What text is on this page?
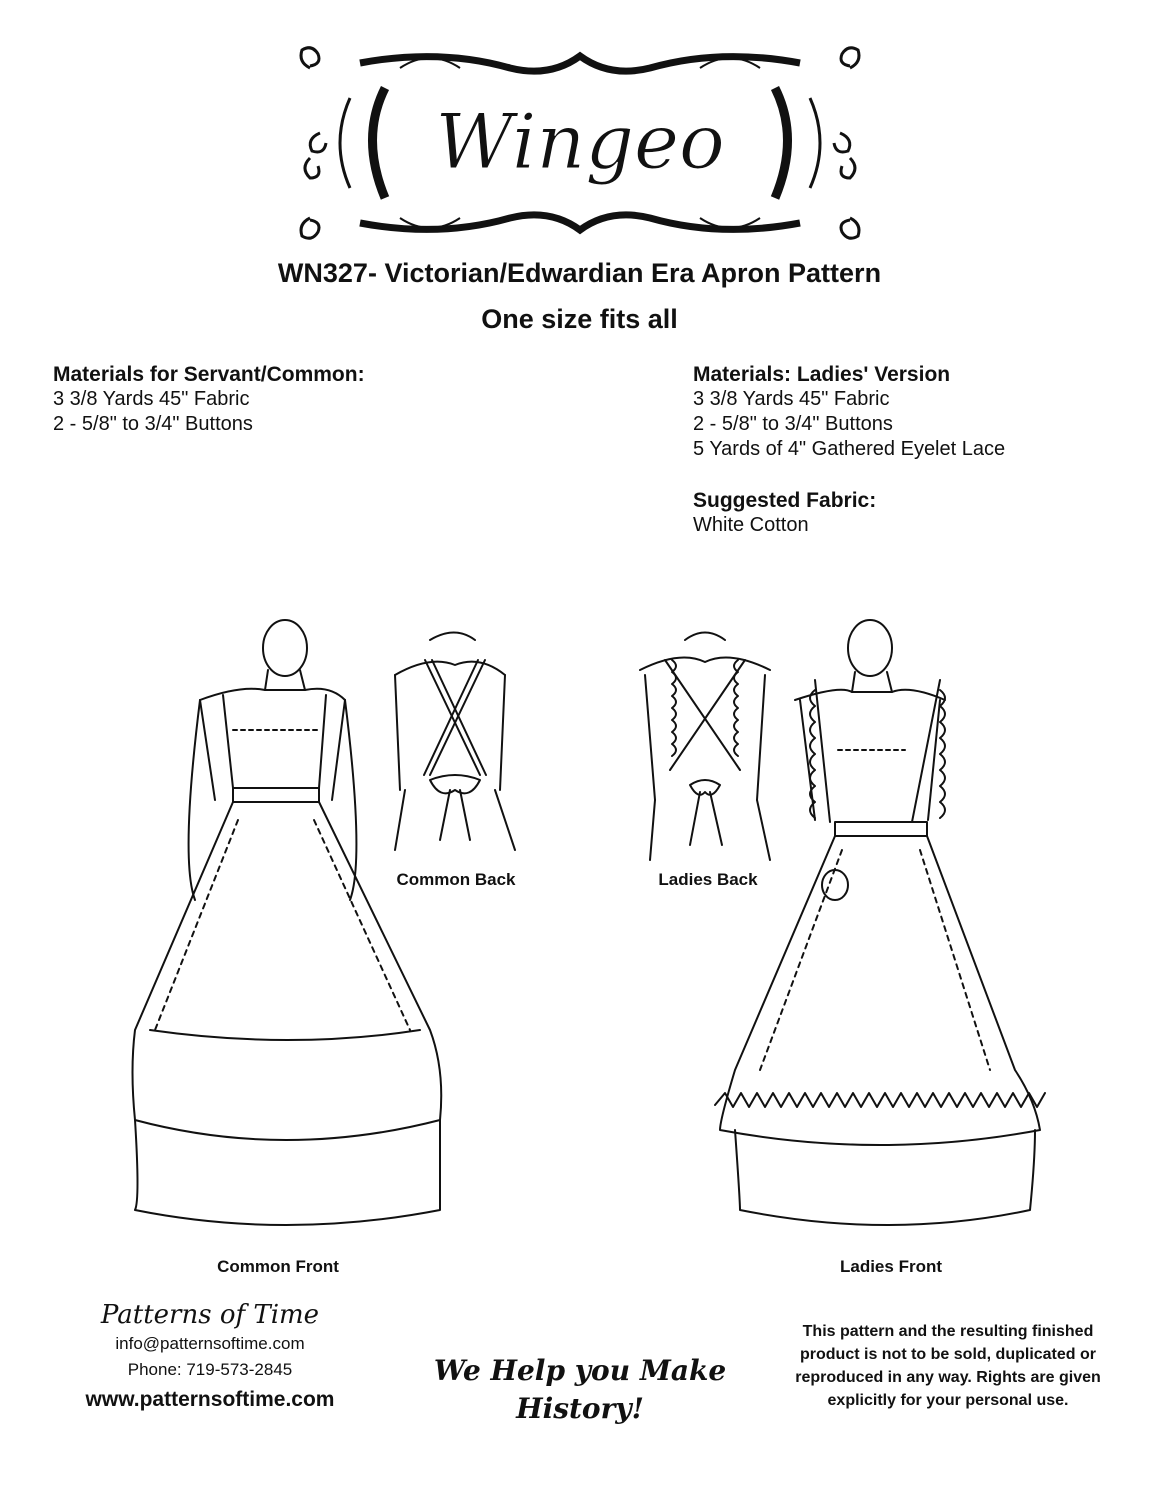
Wingeo
WN327- Victorian/Edwardian Era Apron Pattern
One size fits all
Materials for Servant/Common:
3 3/8 Yards 45" Fabric
2 - 5/8" to 3/4" Buttons
Materials: Ladies' Version
3 3/8 Yards 45" Fabric
2 - 5/8" to 3/4" Buttons
5 Yards of 4" Gathered Eyelet Lace
Suggested Fabric:
White Cotton
Common Back	Ladies Back
Common Front	Ladies Front
Patterns of Time
info@patternsoftime.com
Phone: 719-573-2845
www.patternsoftime.com
We Help you Make
History!
This pattern and the resulting finished
product is not to be sold, duplicated or
reproduced in any way. Rights are given
explicitly for your personal use.
